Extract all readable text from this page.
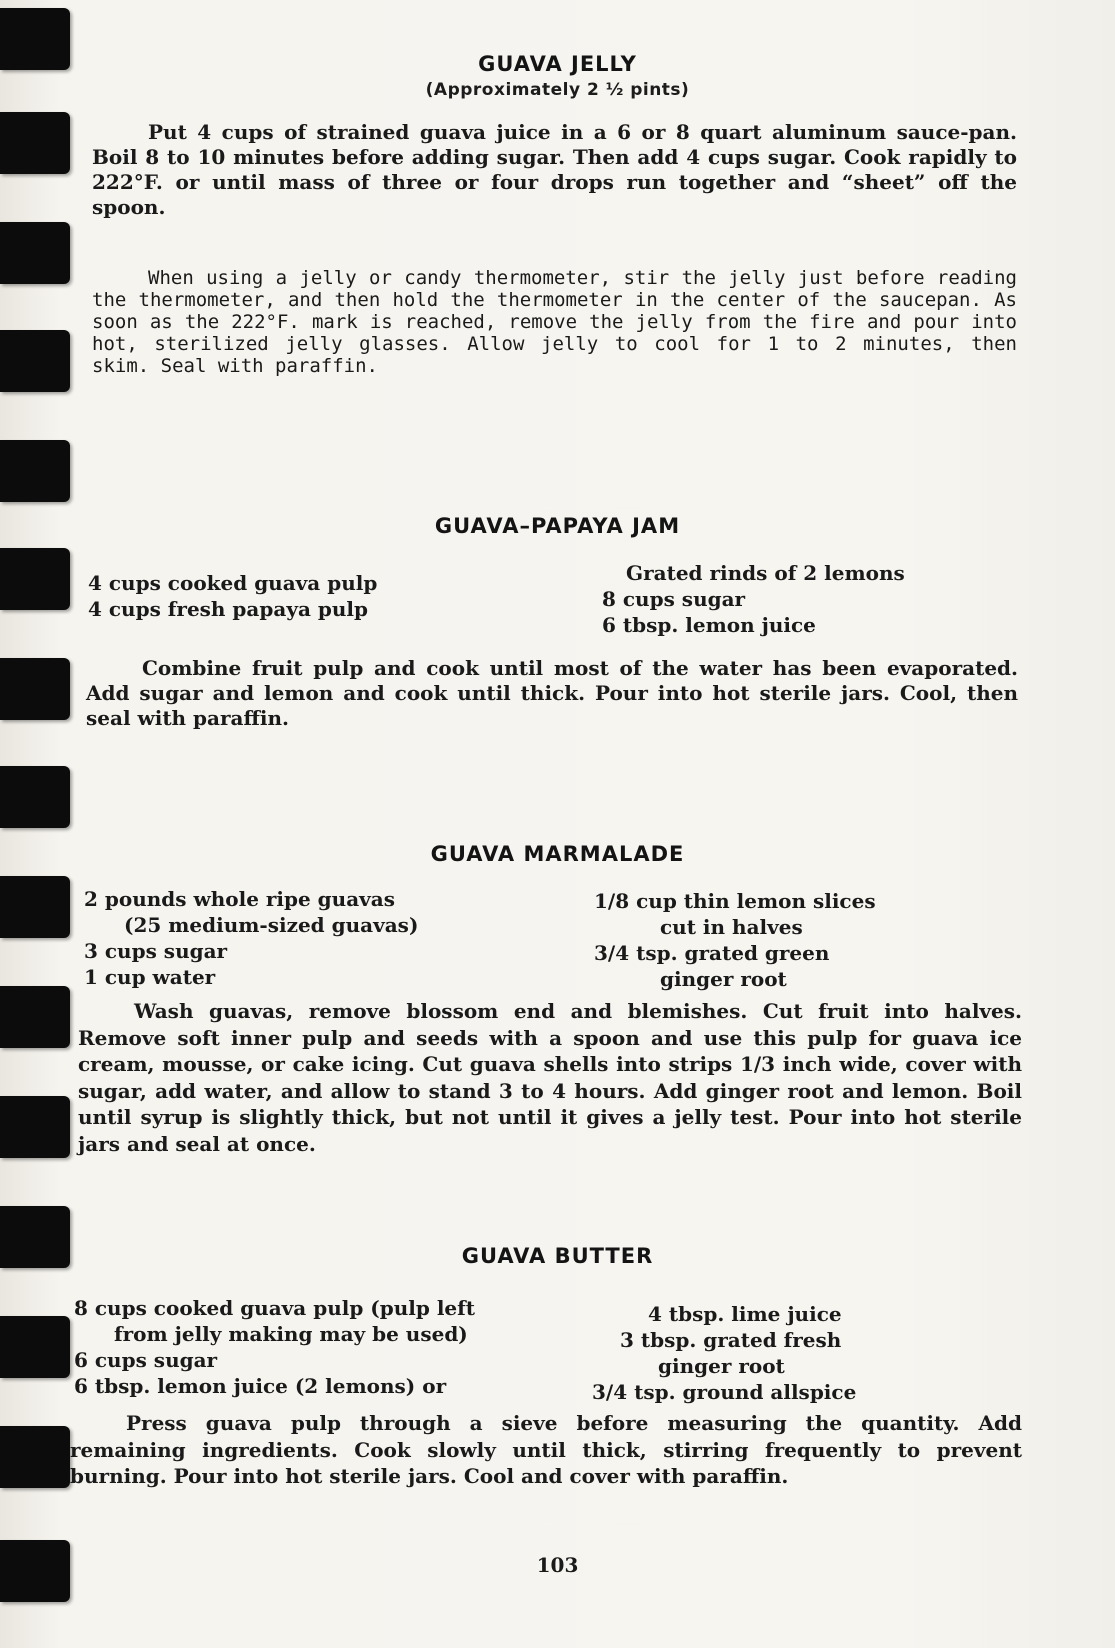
GUAVA JELLY
(Approximately 2 ½ pints)

Put 4 cups of strained guava juice in a 6 or 8 quart aluminum sauce-pan. Boil 8 to 10 minutes before adding sugar. Then add 4 cups sugar. Cook rapidly to 222°F. or until mass of three or four drops run together and “sheet” off the spoon.

When using a jelly or candy thermometer, stir the jelly just before reading the thermometer, and then hold the thermometer in the center of the saucepan. As soon as the 222°F. mark is reached, remove the jelly from the fire and pour into hot, sterilized jelly glasses. Allow jelly to cool for 1 to 2 minutes, then skim. Seal with paraffin.

GUAVA–PAPAYA JAM
4 cups cooked guava pulp
4 cups fresh papaya pulp
Grated rinds of 2 lemons
8 cups sugar
6 tbsp. lemon juice

Combine fruit pulp and cook until most of the water has been evaporated. Add sugar and lemon and cook until thick. Pour into hot sterile jars. Cool, then seal with paraffin.

GUAVA MARMALADE
2 pounds whole ripe guavas
(25 medium-sized guavas)
3 cups sugar
1 cup water
1/8 cup thin lemon slices
cut in halves
3/4 tsp. grated green
ginger root

Wash guavas, remove blossom end and blemishes. Cut fruit into halves. Remove soft inner pulp and seeds with a spoon and use this pulp for guava ice cream, mousse, or cake icing. Cut guava shells into strips 1/3 inch wide, cover with sugar, add water, and allow to stand 3 to 4 hours. Add ginger root and lemon. Boil until syrup is slightly thick, but not until it gives a jelly test. Pour into hot sterile jars and seal at once.

GUAVA BUTTER
8 cups cooked guava pulp (pulp left
from jelly making may be used)
6 cups sugar
6 tbsp. lemon juice (2 lemons) or
4 tbsp. lime juice
3 tbsp. grated fresh
ginger root
3/4 tsp. ground allspice

Press guava pulp through a sieve before measuring the quantity. Add remaining ingredients. Cook slowly until thick, stirring frequently to prevent burning. Pour into hot sterile jars. Cool and cover with paraffin.

103
